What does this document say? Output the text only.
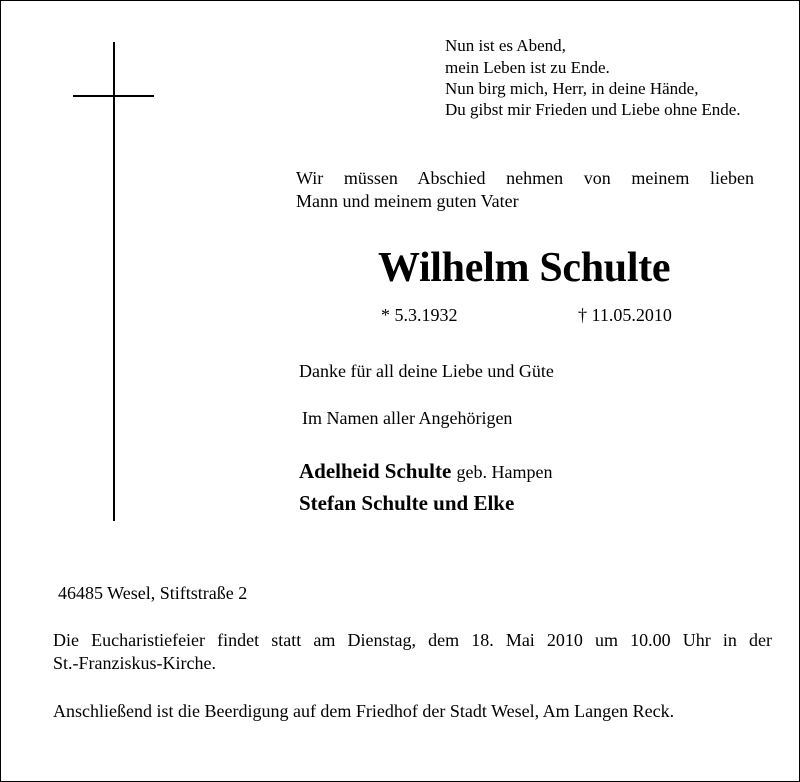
Nun ist es Abend,
mein Leben ist zu Ende.
Nun birg mich, Herr, in deine Hände,
Du gibst mir Frieden und Liebe ohne Ende.
Wir müssen Abschied nehmen von meinem lieben
Mann und meinem guten Vater
Wilhelm Schulte
* 5.3.1932	† 11.05.2010
Danke für all deine Liebe und Güte
Im Namen aller Angehörigen
Adelheid Schulte geb. Hampen
Stefan Schulte und Elke
46485 Wesel, Stiftstraße 2
Die Eucharistiefeier findet statt am Dienstag, dem 18. Mai 2010 um 10.00 Uhr in der
St.-Franziskus-Kirche.
Anschließend ist die Beerdigung auf dem Friedhof der Stadt Wesel, Am Langen Reck.
